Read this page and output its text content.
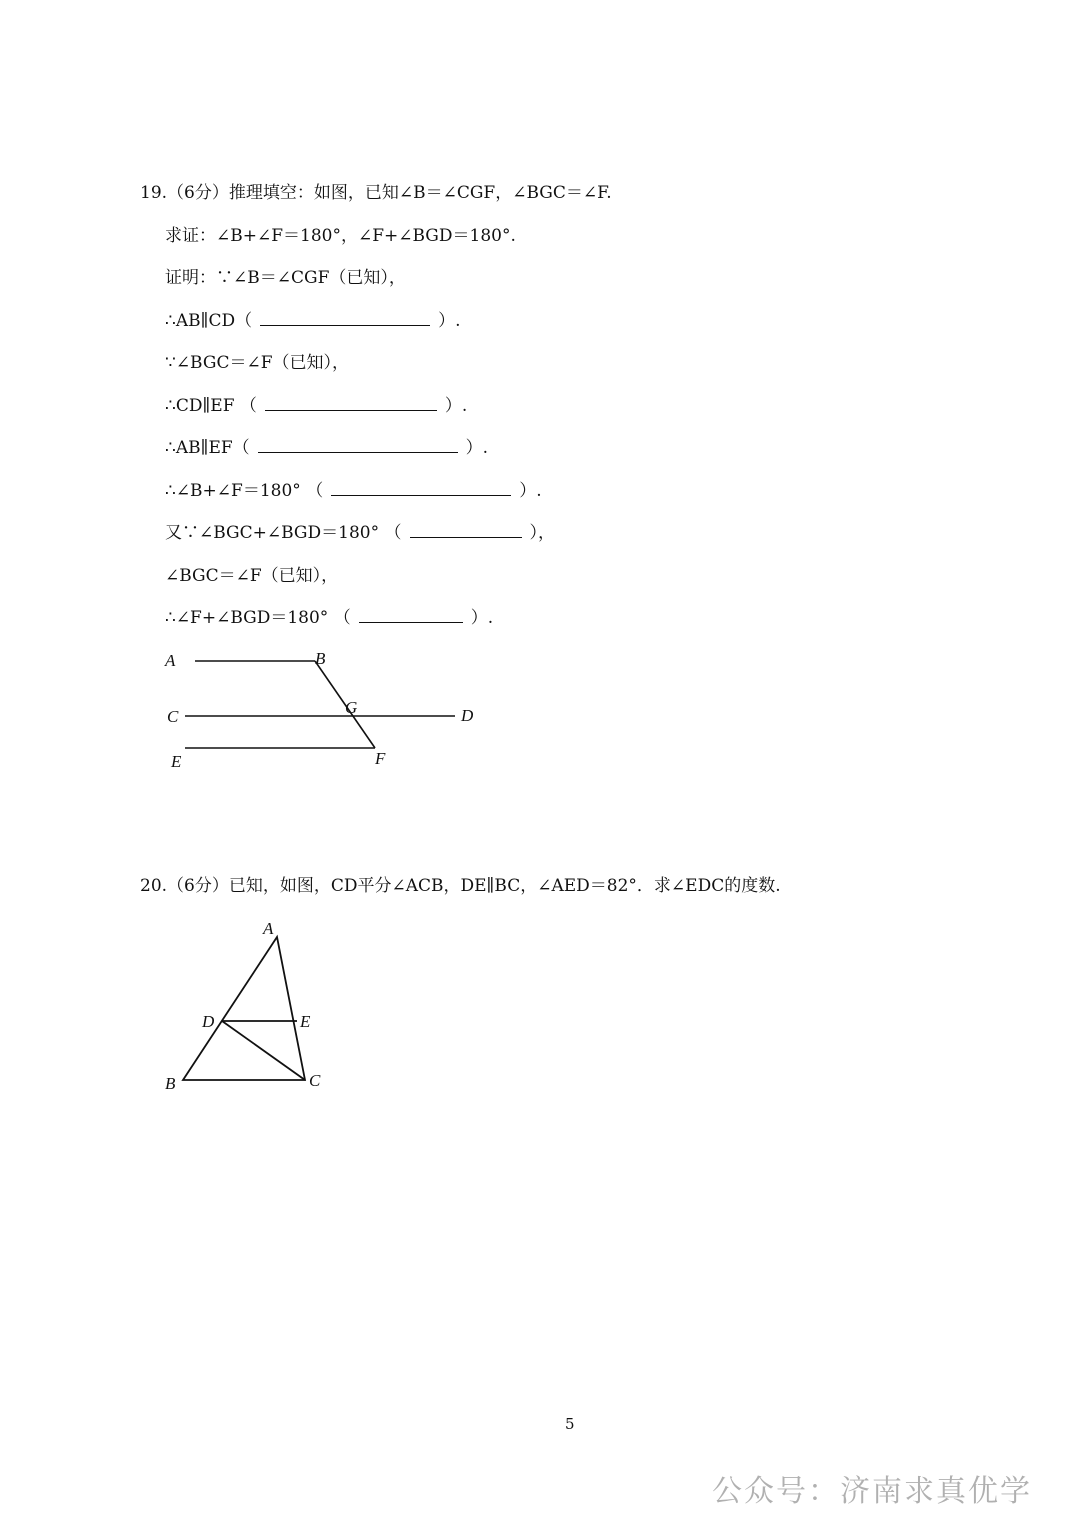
19.（6分）推理填空：如图，已知∠B＝∠CGF，∠BGC＝∠F.
求证：∠B+∠F＝180°，∠F+∠BGD＝180°.
证明：∵∠B＝∠CGF（已知），
∴AB∥CD（	）.
∵∠BGC＝∠F（已知），
∴CD∥EF （	）.
∴AB∥EF（	）.
∴∠B+∠F＝180° （	）.
又∵∠BGC+∠BGD＝180° （	），
∠BGC＝∠F（已知），
∴∠F+∠BGD＝180° （	）.
A	B
C	G	D
E	F
20.（6分）已知，如图，CD平分∠ACB，DE∥BC，∠AED＝82°．求∠EDC的度数.
A
D	E
B	C
5
公众号：济南求真优学
